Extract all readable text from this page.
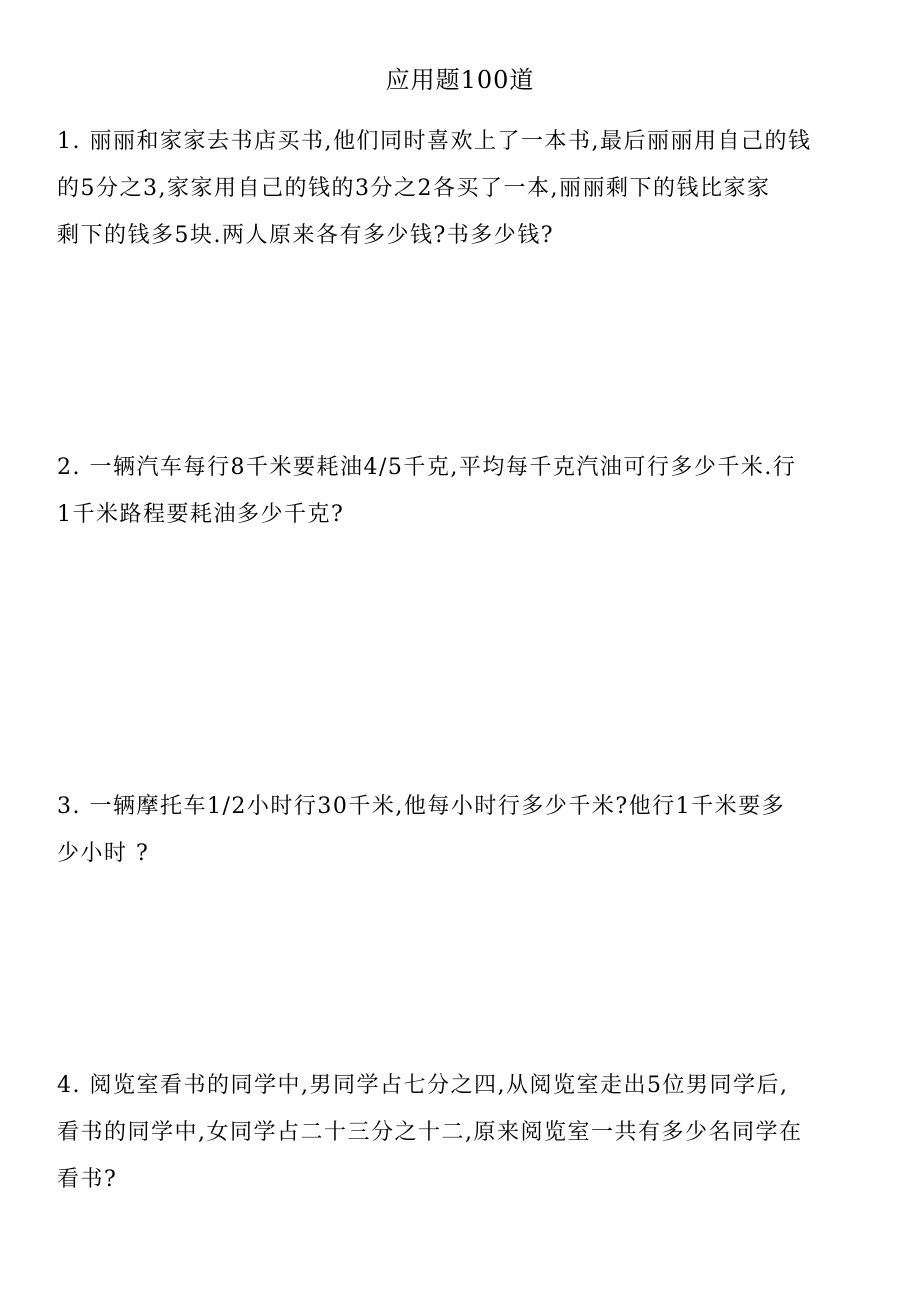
应用题100道
1. 丽丽和家家去书店买书,他们同时喜欢上了一本书,最后丽丽用自己的钱
的5分之3,家家用自己的钱的3分之2各买了一本,丽丽剩下的钱比家家
剩下的钱多5块.两人原来各有多少钱?书多少钱?
2. 一辆汽车每行8千米要耗油4/5千克,平均每千克汽油可行多少千米.行
1千米路程要耗油多少千克?
3. 一辆摩托车1/2小时行30千米,他每小时行多少千米?他行1千米要多
少小时 ?
4. 阅览室看书的同学中,男同学占七分之四,从阅览室走出5位男同学后,
看书的同学中,女同学占二十三分之十二,原来阅览室一共有多少名同学在
看书?
